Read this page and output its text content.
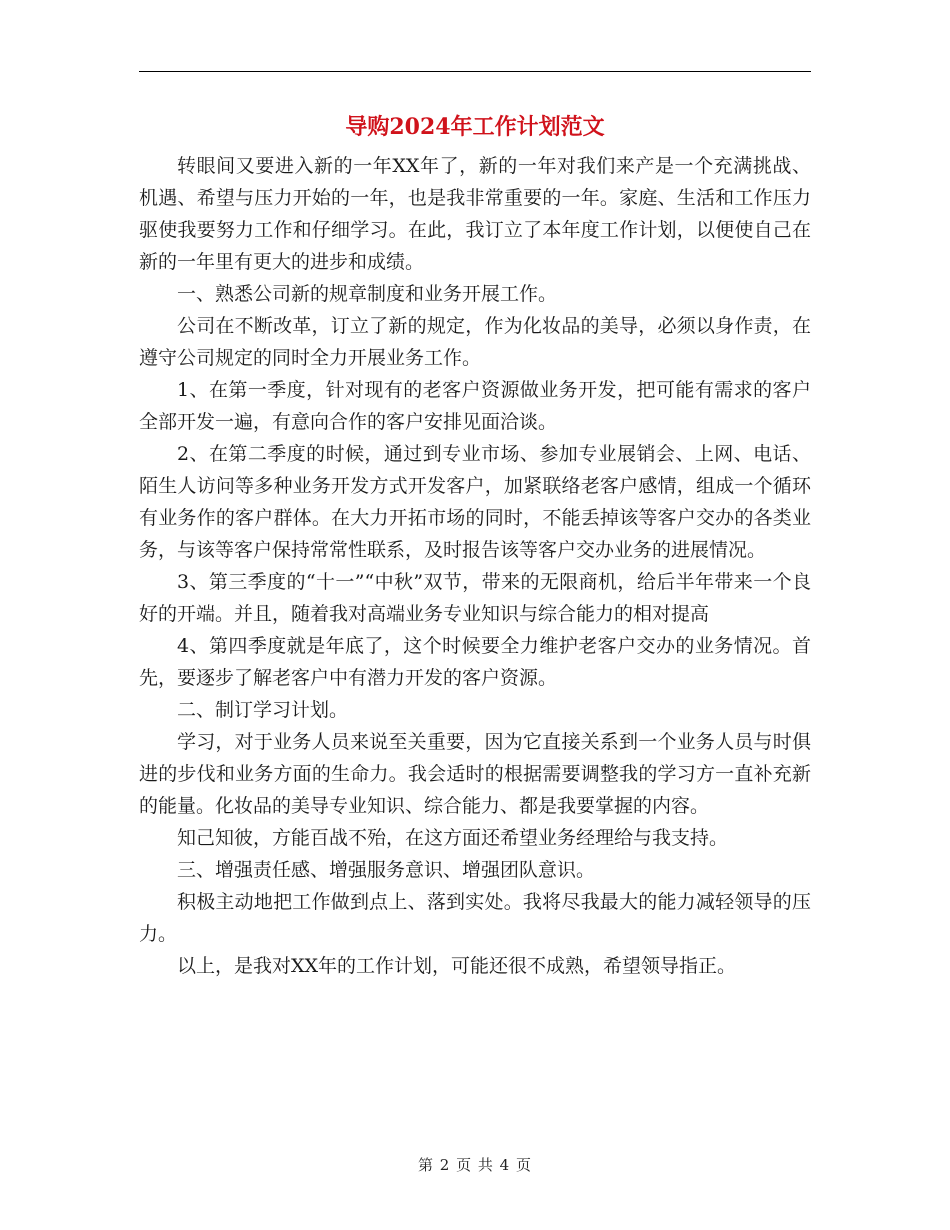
导购2024年工作计划范文

转眼间又要进入新的一年XX年了，新的一年对我们来产是一个充满挑战、机遇、希望与压力开始的一年，也是我非常重要的一年。家庭、生活和工作压力驱使我要努力工作和仔细学习。在此，我订立了本年度工作计划，以便使自己在新的一年里有更大的进步和成绩。

一、熟悉公司新的规章制度和业务开展工作。

公司在不断改革，订立了新的规定，作为化妆品的美导，必须以身作责，在遵守公司规定的同时全力开展业务工作。

1、在第一季度，针对现有的老客户资源做业务开发，把可能有需求的客户全部开发一遍，有意向合作的客户安排见面洽谈。

2、在第二季度的时候，通过到专业市场、参加专业展销会、上网、电话、陌生人访问等多种业务开发方式开发客户，加紧联络老客户感情，组成一个循环有业务作的客户群体。在大力开拓市场的同时，不能丢掉该等客户交办的各类业务，与该等客户保持常常性联系，及时报告该等客户交办业务的进展情况。

3、第三季度的“十一”“中秋”双节，带来的无限商机，给后半年带来一个良好的开端。并且，随着我对高端业务专业知识与综合能力的相对提高

4、第四季度就是年底了，这个时候要全力维护老客户交办的业务情况。首先，要逐步了解老客户中有潜力开发的客户资源。

二、制订学习计划。

学习，对于业务人员来说至关重要，因为它直接关系到一个业务人员与时俱进的步伐和业务方面的生命力。我会适时的根据需要调整我的学习方一直补充新的能量。化妆品的美导专业知识、综合能力、都是我要掌握的内容。

知己知彼，方能百战不殆，在这方面还希望业务经理给与我支持。

三、增强责任感、增强服务意识、增强团队意识。

积极主动地把工作做到点上、落到实处。我将尽我最大的能力减轻领导的压力。

以上，是我对XX年的工作计划，可能还很不成熟，希望领导指正。

第 2 页 共 4 页
